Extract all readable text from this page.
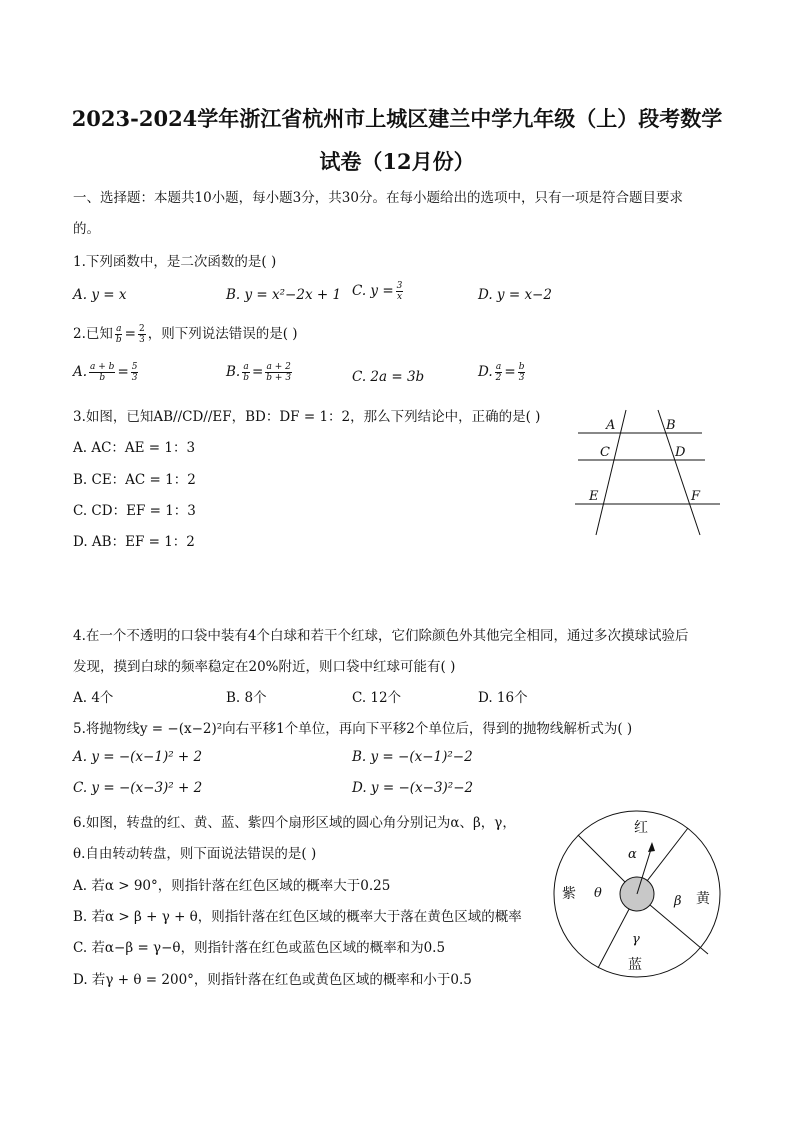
2023-2024学年浙江省杭州市上城区建兰中学九年级（上）段考数学
试卷（12月份）
一、选择题：本题共10小题，每小题3分，共30分。在每小题给出的选项中，只有一项是符合题目要求
的。
1.下列函数中，是二次函数的是( )
A. y = x	B. y = x²−2x + 1 C. $y = \frac{3}{x}$	D. y = x−2
2.已知 $\frac{a}{b} = \frac{2}{3}$ ，则下列说法错误的是( )
A. $\frac{a + b}{b} = \frac{5}{3}$	B. $\frac{a}{b} = \frac{a + 2}{b + 3}$	C. 2a = 3b	D. $\frac{a}{2} = \frac{b}{3}$
3.如图，已知AB//CD//EF，BD：DF = 1：2，那么下列结论中，正确的是( )
A. AC：AE = 1：3
B. CE：AC = 1：2
C. CD：EF = 1：3
D. AB：EF = 1：2
A	B
C	D
E	F
4.在一个不透明的口袋中装有4个白球和若干个红球，它们除颜色外其他完全相同，通过多次摸球试验后
发现，摸到白球的频率稳定在20%附近，则口袋中红球可能有( )
A. 4个	B. 8个	C. 12个	D. 16个
5.将抛物线y = −(x−2)²向右平移1个单位，再向下平移2个单位后，得到的抛物线解析式为( )
A. y = −(x−1)² + 2	B. y = −(x−1)²−2
C. y = −(x−3)² + 2	D. y = −(x−3)²−2
6.如图，转盘的红、黄、蓝、紫四个扇形区域的圆心角分别记为α、β，γ，
θ.自由转动转盘，则下面说法错误的是( )
A. 若α > 90°，则指针落在红色区域的概率大于0.25
B. 若α > β + γ + θ，则指针落在红色区域的概率大于落在黄色区域的概率
C. 若α−β = γ−θ，则指针落在红色或蓝色区域的概率和为0.5
D. 若γ + θ = 200°，则指针落在红色或黄色区域的概率和小于0.5
红
黄
蓝
紫
α
β
γ
θ
